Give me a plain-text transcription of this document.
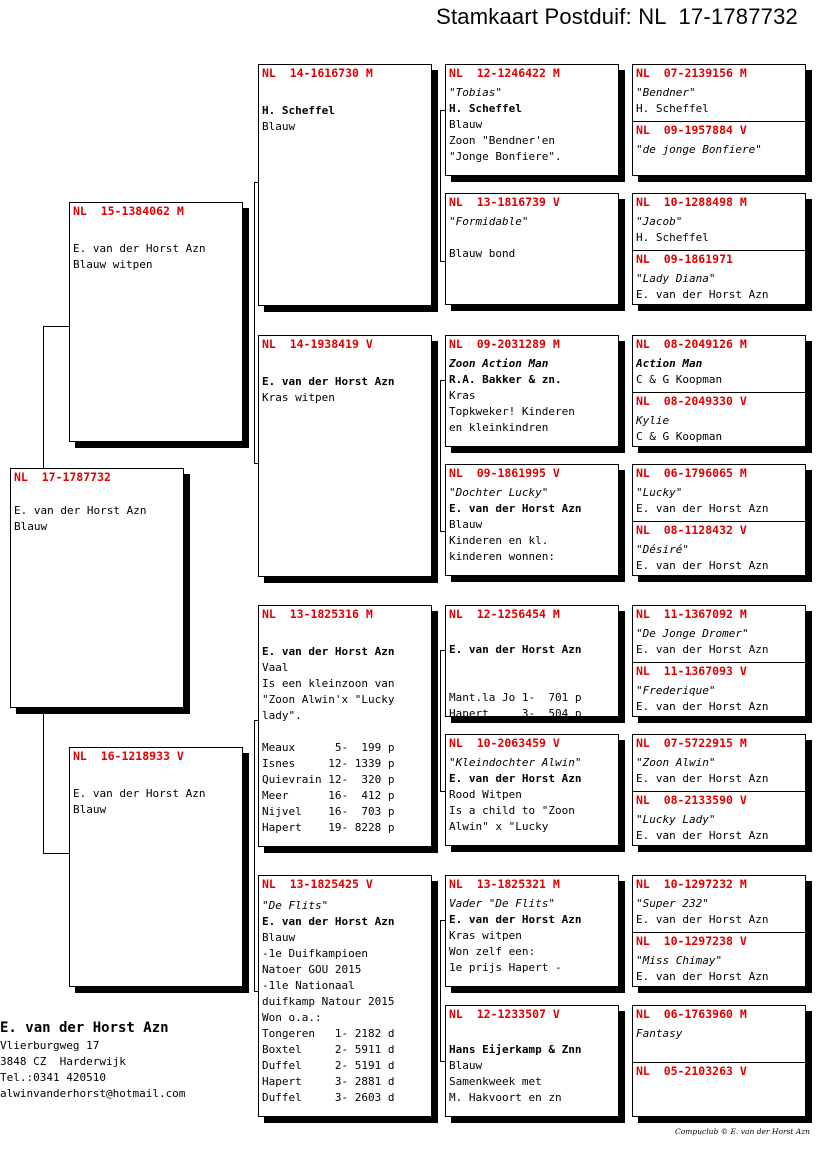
Stamkaart Postduif: NL  17-1787732
NL  17-1787732
E. van der Horst Azn
Blauw
NL  15-1384062 M
E. van der Horst Azn
Blauw witpen
NL  16-1218933 V
E. van der Horst Azn
Blauw
NL  14-1616730 M
H. Scheffel
Blauw
NL  14-1938419 V
E. van der Horst Azn
Kras witpen
NL  13-1825316 M
E. van der Horst Azn
Vaal
Is een kleinzoon van
"Zoon Alwin'x "Lucky
lady".
Meaux      5-  199 p
Isnes     12- 1339 p
Quievrain 12-  320 p
Meer      16-  412 p
Nijvel    16-  703 p
Hapert    19- 8228 p
NL  13-1825425 V
"De Flits"
E. van der Horst Azn
Blauw
-1e Duifkampioen
Natoer GOU 2015
-1le Nationaal
duifkamp Natour 2015
Won o.a.:
Tongeren   1- 2182 d
Boxtel     2- 5911 d
Duffel     2- 5191 d
Hapert     3- 2881 d
Duffel     3- 2603 d
NL  12-1246422 M
"Tobias"
H. Scheffel
Blauw
Zoon "Bendner'en
"Jonge Bonfiere".
NL  13-1816739 V
"Formidable"
Blauw bond
NL  09-2031289 M
Zoon Action Man
R.A. Bakker & zn.
Kras
Topkweker! Kinderen
en kleinkindren
NL  09-1861995 V
"Dochter Lucky"
E. van der Horst Azn
Blauw
Kinderen en kl.
kinderen wonnen:
NL  12-1256454 M
E. van der Horst Azn
Mant.la Jo 1-  701 p
Hapert     3-  504 p
NL  10-2063459 V
"Kleindochter Alwin"
E. van der Horst Azn
Rood Witpen
Is a child to "Zoon
Alwin" x "Lucky
NL  13-1825321 M
Vader "De Flits"
E. van der Horst Azn
Kras witpen
Won zelf een:
1e prijs Hapert -
NL  12-1233507 V
Hans Eijerkamp & Znn
Blauw
Samenkweek met
M. Hakvoort en zn
NL  07-2139156 M
"Bendner"
H. Scheffel
NL  09-1957884 V
"de jonge Bonfiere"
NL  10-1288498 M
"Jacob"
H. Scheffel
NL  09-1861971
"Lady Diana"
E. van der Horst Azn
NL  08-2049126 M
Action Man
C & G Koopman
NL  08-2049330 V
Kylie
C & G Koopman
NL  06-1796065 M
"Lucky"
E. van der Horst Azn
NL  08-1128432 V
"Désiré"
E. van der Horst Azn
NL  11-1367092 M
"De Jonge Dromer"
E. van der Horst Azn
NL  11-1367093 V
"Frederique"
E. van der Horst Azn
NL  07-5722915 M
"Zoon Alwin"
E. van der Horst Azn
NL  08-2133590 V
"Lucky Lady"
E. van der Horst Azn
NL  10-1297232 M
"Super 232"
E. van der Horst Azn
NL  10-1297238 V
"Miss Chimay"
E. van der Horst Azn
NL  06-1763960 M
Fantasy
NL  05-2103263 V
E. van der Horst Azn
Vlierburgweg 17
3848 CZ  Harderwijk
Tel.:0341 420510
alwinvanderhorst@hotmail.com
Compuclub © E. van der Horst Azn
